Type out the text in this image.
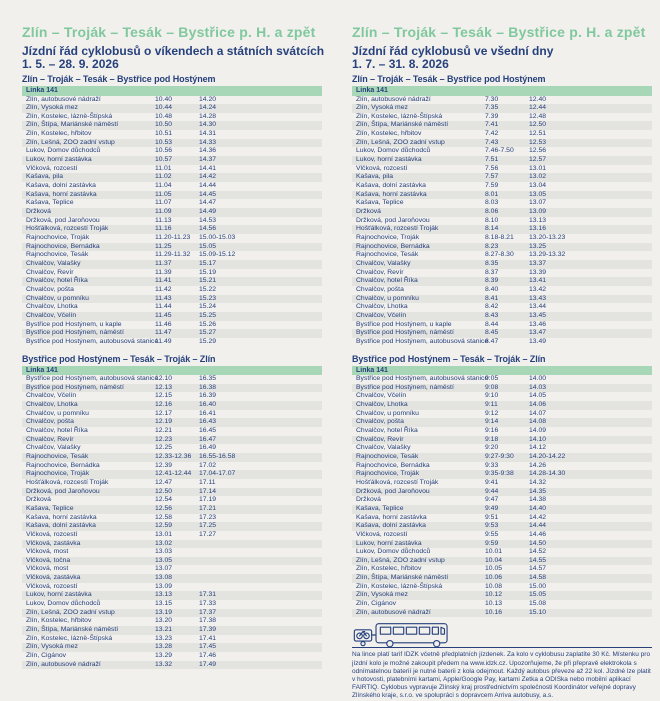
Zlín – Troják – Tesák – Bystřice p. H. a zpět
Jízdní řád cyklobusů o víkendech a státních svátcích
1. 5. – 28. 9. 2026
Zlín – Troják – Tesák – Bystřice pod Hostýnem
Linka 141
Zlín, autobusové nádraží	10.40	14.20
Zlín, Vysoká mez	10.44	14.24
Zlín, Kostelec, lázně-Štípská	10.48	14.28
Zlín, Štípa, Mariánské náměstí	10.50	14.30
Zlín, Kostelec, hřbitov	10.51	14.31
Zlín, Lešná, ZOO zadní vstup	10.53	14.33
Lukov, Domov důchodců	10.56	14.36
Lukov, horní zastávka	10.57	14.37
Vlčková, rozcestí	11.01	14.41
Kašava, pila	11.02	14.42
Kašava, dolní zastávka	11.04	14.44
Kašava, horní zastávka	11.05	14.45
Kašava, Teplice	11.07	14.47
Držková	11.09	14.49
Držková, pod Jaroňovou	11.13	14.53
Hošťálková, rozcestí Troják	11.16	14.56
Rajnochovice, Troják	11.20-11.23 15.00-15.03
Rajnochovice, Bernádka	11.25	15.05
Rajnochovice, Tesák	11.29-11.32 15.09-15.12
Chvalčov, Valašky	11.37	15.17
Chvalčov, Revír	11.39	15.19
Chvalčov, hotel Říka	11.41	15.21
Chvalčov, pošta	11.42	15.22
Chvalčov, u pomníku	11.43	15.23
Chvalčov, Lhotka	11.44	15.24
Chvalčov, Včelín	11.45	15.25
Bystřice pod Hostýnem, u kaple	11.46	15.26
Bystřice pod Hostýnem, náměstí	11.47	15.27
Bystřice pod Hostýnem, autobusová stanice
11.49	15.29
Bystřice pod Hostýnem – Tesák – Troják – Zlín
Linka 141
Bystřice pod Hostýnem, autobusová stanice
12.10	16.35
Bystřice pod Hostýnem, náměstí	12.13	16.38
Chvalčov, Včelín	12.15	16.39
Chvalčov, Lhotka	12.16	16.40
Chvalčov, u pomníku	12.17	16.41
Chvalčov, pošta	12.19	16.43
Chvalčov, hotel Říka	12.21	16.45
Chvalčov, Revír	12.23	16.47
Chvalčov, Valašky	12.25	16.49
Rajnochovice, Tesák	12.33-12.36 16.55-16.58
Rajnochovice, Bernádka	12.39	17.02
Rajnochovice, Troják	12.41-12.44 17.04-17.07
Hošťálková, rozcestí Troják	12.47	17.11
Držková, pod Jaroňovou	12.50	17.14
Držková	12.54	17.19
Kašava, Teplice	12.56	17.21
Kašava, horní zastávka	12.58	17.23
Kašava, dolní zastávka	12.59	17.25
Vlčková, rozcestí	13.01	17.27
Vlčková, zastávka	13.02
Vlčková, most	13.03
Vlčková, točna	13.05
Vlčková, most	13.07
Vlčková, zastávka	13.08
Vlčková, rozcestí	13.09
Lukov, horní zastávka	13.13	17.31
Lukov, Domov důchodců	13.15	17.33
Zlín, Lešná, ZOO zadní vstup	13.19	17.37
Zlín, Kostelec, hřbitov	13.20	17.38
Zlín, Štípa, Mariánské náměstí	13.21	17.39
Zlín, Kostelec, lázně-Štípská	13.23	17.41
Zlín, Vysoká mez	13.28	17.45
Zlín, Cigánov	13.29	17.46
Zlín, autobusové nádraží	13.32	17.49
Zlín – Troják – Tesák – Bystřice p. H. a zpět
Jízdní řád cyklobusů ve všední dny
1. 7. – 31. 8. 2026
Zlín – Troják – Tesák – Bystřice pod Hostýnem
Linka 141
Zlín, autobusové nádraží	7.30	12.40
Zlín, Vysoká mez	7.35	12.44
Zlín, Kostelec, lázně-Štípská	7.39	12.48
Zlín, Štípa, Mariánské náměstí	7.41	12.50
Zlín, Kostelec, hřbitov	7.42	12.51
Zlín, Lešná, ZOO zadní vstup	7.43	12.53
Lukov, Domov důchodců	7.46-7.50 12.56
Lukov, horní zastávka	7.51	12.57
Vlčková, rozcestí	7.56	13.01
Kašava, pila	7.57	13.02
Kašava, dolní zastávka	7.59	13.04
Kašava, horní zastávka	8.01	13.05
Kašava, Teplice	8.03	13.07
Držková	8.06	13.09
Držková, pod Jaroňovou	8.10	13.13
Hošťálková, rozcestí Troják	8.14	13.16
Rajnochovice, Troják	8.18-8.21 13.20-13.23
Rajnochovice, Bernádka	8.23	13.25
Rajnochovice, Tesák	8.27-8.30 13.29-13.32
Chvalčov, Valašky	8.35	13.37
Chvalčov, Revír	8.37	13.39
Chvalčov, hotel Říka	8.39	13.41
Chvalčov, pošta	8.40	13.42
Chvalčov, u pomníku	8.41	13.43
Chvalčov, Lhotka	8.42	13.44
Chvalčov, Včelín	8.43	13.45
Bystřice pod Hostýnem, u kaple	8.44	13.46
Bystřice pod Hostýnem, náměstí	8.45	13.47
Bystřice pod Hostýnem, autobusová stanice
8.47	13.49
Bystřice pod Hostýnem – Tesák – Troják – Zlín
Linka 141
Bystřice pod Hostýnem, autobusová stanice
9:05	14.00
Bystřice pod Hostýnem, náměstí	9:08	14.03
Chvalčov, Včelín	9:10	14.05
Chvalčov, Lhotka	9:11	14.06
Chvalčov, u pomníku	9:12	14.07
Chvalčov, pošta	9:14	14.08
Chvalčov, hotel Říka	9:16	14.09
Chvalčov, Revír	9:18	14.10
Chvalčov, Valašky	9:20	14.12
Rajnochovice, Tesák	9:27-9:30 14.20-14.22
Rajnochovice, Bernádka	9:33	14.26
Rajnochovice, Troják	9:35-9:38 14.28-14.30
Hošťálková, rozcestí Troják	9:41	14.32
Držková, pod Jaroňovou	9:44	14.35
Držková	9:47	14.38
Kašava, Teplice	9:49	14.40
Kašava, horní zastávka	9:51	14.42
Kašava, dolní zastávka	9:53	14.44
Vlčková, rozcestí	9:55	14.46
Lukov, horní zastávka	9:59	14.50
Lukov, Domov důchodců	10.01	14.52
Zlín, Lešná, ZOO zadní vstup	10.04	14.55
Zlín, Kostelec, hřbitov	10.05	14.57
Zlín, Štípa, Mariánské náměstí	10.06	14.58
Zlín, Kostelec, lázně-Štípská	10.08	15.00
Zlín, Vysoká mez	10.12	15.05
Zlín, Cigánov	10.13	15.08
Zlín, autobusové nádraží	10.16	15.10

Na lince platí tarif IDZK včetně předplatních jízdenek. Za kolo v cyklobusu zaplatíte 30 Kč. Místenku pro jízdní kolo je možné zakoupit předem na www.idzk.cz. Upozorňujeme, že při přepravě elektrokola s odnímatelnou baterií je nutné baterii z kola odejmout. Každý autobus převeze až 22 kol. Jízdné lze platit v hotovosti, platebními kartami, Apple/Google Pay, kartami Zetka a ODISka nebo mobilní aplikací FAIRTIQ. Cyklobus vypravuje Zlínský kraj prostřednictvím společnosti Koordinátor veřejné dopravy Zlínského kraje, s.r.o. ve spolupráci s dopravcem Arriva autobusy, a.s.
